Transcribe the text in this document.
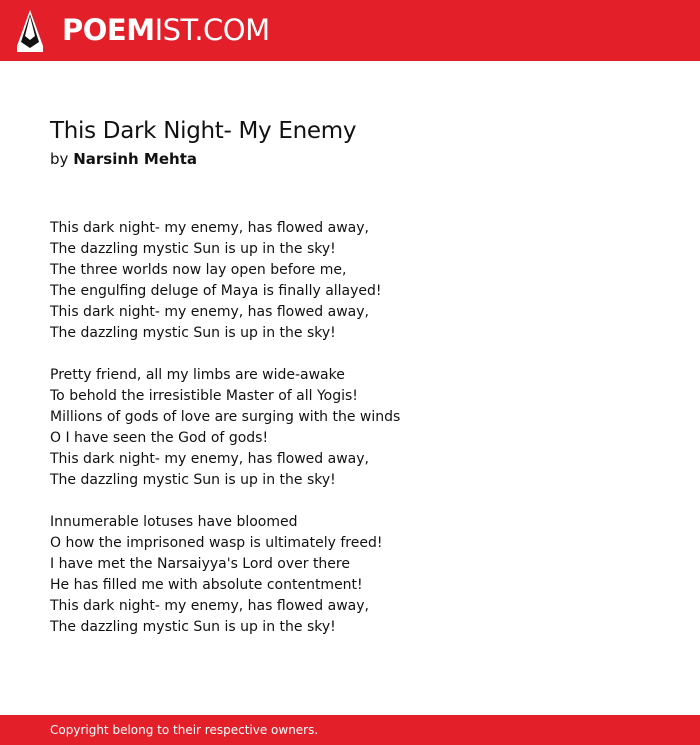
POEMIST.COM
This Dark Night- My Enemy
by Narsinh Mehta
This dark night- my enemy, has flowed away,
The dazzling mystic Sun is up in the sky!
The three worlds now lay open before me,
The engulfing deluge of Maya is finally allayed!
This dark night- my enemy, has flowed away,
The dazzling mystic Sun is up in the sky!
Pretty friend, all my limbs are wide-awake
To behold the irresistible Master of all Yogis!
Millions of gods of love are surging with the winds
O I have seen the God of gods!
This dark night- my enemy, has flowed away,
The dazzling mystic Sun is up in the sky!
Innumerable lotuses have bloomed
O how the imprisoned wasp is ultimately freed!
I have met the Narsaiyya's Lord over there
He has filled me with absolute contentment!
This dark night- my enemy, has flowed away,
The dazzling mystic Sun is up in the sky!
Copyright belong to their respective owners.
